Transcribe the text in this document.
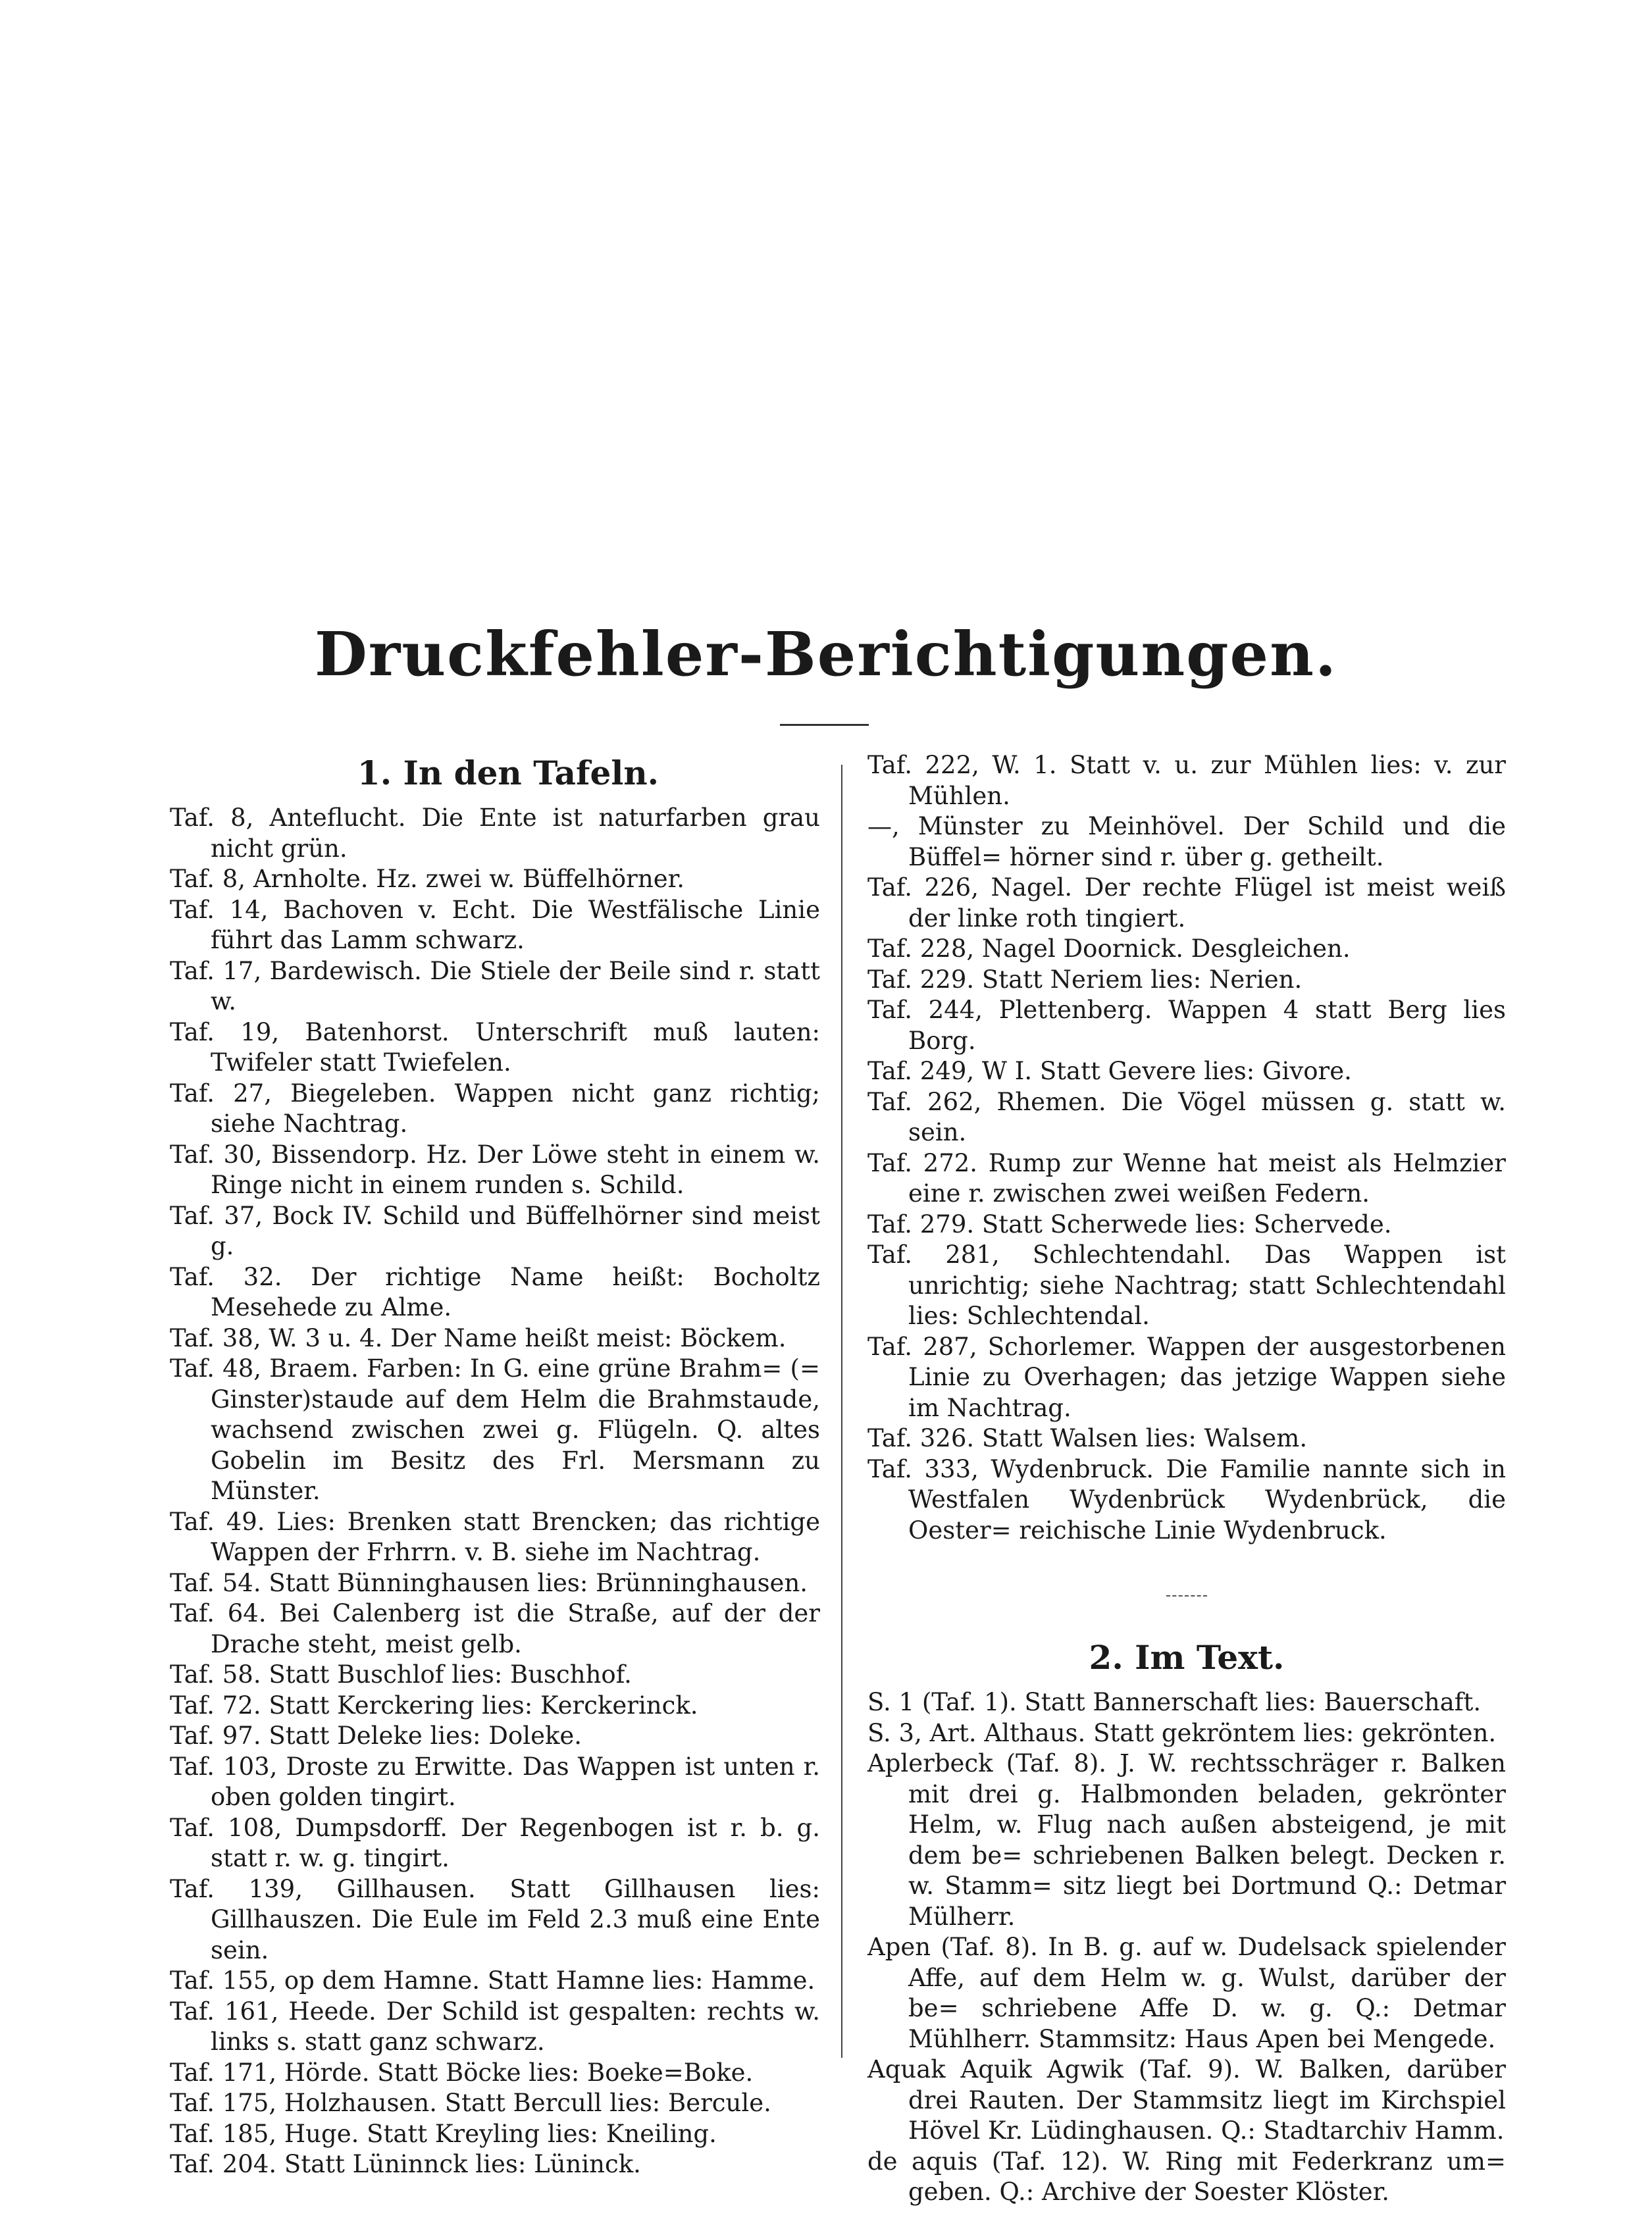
Druckfehler-Berichtigungen.
1. In den Tafeln.

Taf. 8, Anteflucht. Die Ente ist naturfarben grau nicht grün.

Taf. 8, Arnholte. Hz. zwei w. Büffelhörner.

Taf. 14, Bachoven v. Echt. Die Westfälische Linie führt das Lamm schwarz.

Taf. 17, Bardewisch. Die Stiele der Beile sind r. statt w.

Taf. 19, Batenhorst. Unterschrift muß lauten: Twifeler statt Twiefelen.

Taf. 27, Biegeleben. Wappen nicht ganz richtig; siehe Nachtrag.

Taf. 30, Bissendorp. Hz. Der Löwe steht in einem w. Ringe nicht in einem runden s. Schild.

Taf. 37, Bock IV. Schild und Büffelhörner sind meist g.

Taf. 32. Der richtige Name heißt: Bocholtz Mesehede zu Alme.

Taf. 38, W. 3 u. 4. Der Name heißt meist: Böckem.

Taf. 48, Braem. Farben: In G. eine grüne Brahm= (= Ginster)staude auf dem Helm die Brahmstaude, wachsend zwischen zwei g. Flügeln. Q. altes Gobelin im Besitz des Frl. Mersmann zu Münster.

Taf. 49. Lies: Brenken statt Brencken; das richtige Wappen der Frhrrn. v. B. siehe im Nachtrag.

Taf. 54. Statt Bünninghausen lies: Brünninghausen.

Taf. 64. Bei Calenberg ist die Straße, auf der der Drache steht, meist gelb.

Taf. 58. Statt Buschlof lies: Buschhof.

Taf. 72. Statt Kerckering lies: Kerckerinck.

Taf. 97. Statt Deleke lies: Doleke.

Taf. 103, Droste zu Erwitte. Das Wappen ist unten r. oben golden tingirt.

Taf. 108, Dumpsdorff. Der Regenbogen ist r. b. g. statt r. w. g. tingirt.

Taf. 139, Gillhausen. Statt Gillhausen lies: Gillhauszen. Die Eule im Feld 2.3 muß eine Ente sein.

Taf. 155, op dem Hamne. Statt Hamne lies: Hamme.

Taf. 161, Heede. Der Schild ist gespalten: rechts w. links s. statt ganz schwarz.

Taf. 171, Hörde. Statt Böcke lies: Boeke=Boke.

Taf. 175, Holzhausen. Statt Bercull lies: Bercule.

Taf. 185, Huge. Statt Kreyling lies: Kneiling.

Taf. 204. Statt Lüninnck lies: Lüninck.

Taf. 222, W. 1. Statt v. u. zur Mühlen lies: v. zur Mühlen.

—, Münster zu Meinhövel. Der Schild und die Büffel= hörner sind r. über g. getheilt.

Taf. 226, Nagel. Der rechte Flügel ist meist weiß der linke roth tingiert.

Taf. 228, Nagel Doornick. Desgleichen.

Taf. 229. Statt Neriem lies: Nerien.

Taf. 244, Plettenberg. Wappen 4 statt Berg lies Borg.

Taf. 249, W I. Statt Gevere lies: Givore.

Taf. 262, Rhemen. Die Vögel müssen g. statt w. sein.

Taf. 272. Rump zur Wenne hat meist als Helmzier eine r. zwischen zwei weißen Federn.

Taf. 279. Statt Scherwede lies: Schervede.

Taf. 281, Schlechtendahl. Das Wappen ist unrichtig; siehe Nachtrag; statt Schlechtendahl lies: Schlechtendal.

Taf. 287, Schorlemer. Wappen der ausgestorbenen Linie zu Overhagen; das jetzige Wappen siehe im Nachtrag.

Taf. 326. Statt Walsen lies: Walsem.

Taf. 333, Wydenbruck. Die Familie nannte sich in Westfalen Wydenbrück Wydenbrück, die Oester= reichische Linie Wydenbruck.

2. Im Text.

S. 1 (Taf. 1). Statt Bannerschaft lies: Bauerschaft.

S. 3, Art. Althaus. Statt gekröntem lies: gekrönten.

Aplerbeck (Taf. 8). J. W. rechtsschräger r. Balken mit drei g. Halbmonden beladen, gekrönter Helm, w. Flug nach außen absteigend, je mit dem be= schriebenen Balken belegt. Decken r. w. Stamm= sitz liegt bei Dortmund Q.: Detmar Mülherr.

Apen (Taf. 8). In B. g. auf w. Dudelsack spielender Affe, auf dem Helm w. g. Wulst, darüber der be= schriebene Affe D. w. g. Q.: Detmar Mühlherr. Stammsitz: Haus Apen bei Mengede.

Aquak Aquik Agwik (Taf. 9). W. Balken, darüber drei Rauten. Der Stammsitz liegt im Kirchspiel Hövel Kr. Lüdinghausen. Q.: Stadtarchiv Hamm.

de aquis (Taf. 12). W. Ring mit Federkranz um= geben. Q.: Archive der Soester Klöster.
